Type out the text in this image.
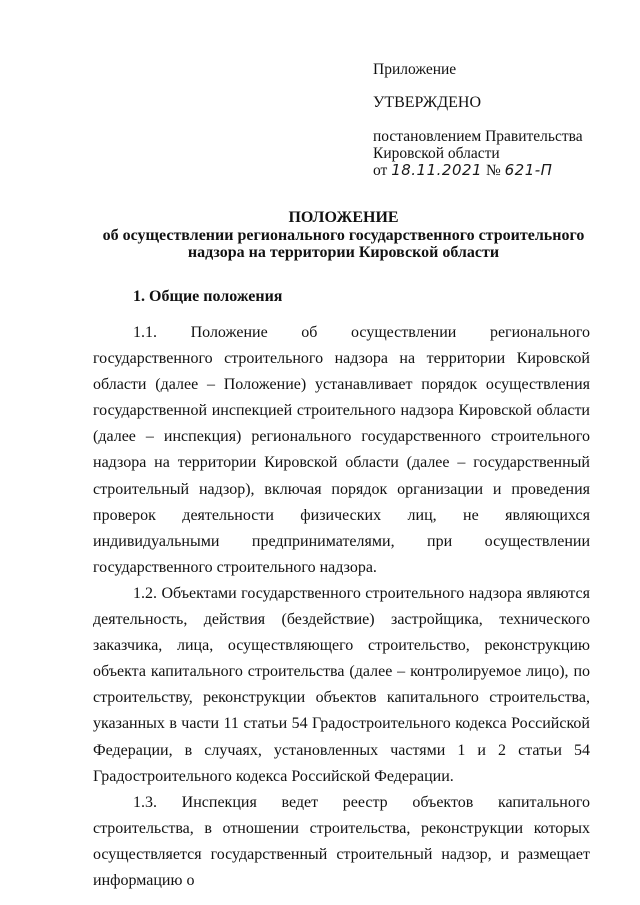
Приложение
УТВЕРЖДЕНО
постановлением Правительства
Кировской области
от 18.11.2021 № 621-П
ПОЛОЖЕНИЕ
об осуществлении регионального государственного строительного
надзора на территории Кировской области
1. Общие положения

1.1. Положение об осуществлении регионального государственного строительного надзора на территории Кировской области (далее – Положение) устанавливает порядок осуществления государственной инспекцией строительного надзора Кировской области (далее – инспекция) регионального государственного строительного надзора на территории Кировской области (далее – государственный строительный надзор), включая порядок организации и проведения проверок деятельности физических лиц, не являющихся индивидуальными предпринимателями, при осуществлении государственного строительного надзора.

1.2. Объектами государственного строительного надзора являются деятельность, действия (бездействие) застройщика, технического заказчика, лица, осуществляющего строительство, реконструкцию объекта капитального строительства (далее – контролируемое лицо), по строительству, реконструкции объектов капитального строительства, указанных в части 11 статьи 54 Градостроительного кодекса Российской Федерации, в случаях, установленных частями 1 и 2 статьи 54 Градостроительного кодекса Российской Федерации.

1.3. Инспекция ведет реестр объектов капитального строительства, в отношении строительства, реконструкции которых осуществляется государственный строительный надзор, и размещает информацию о
